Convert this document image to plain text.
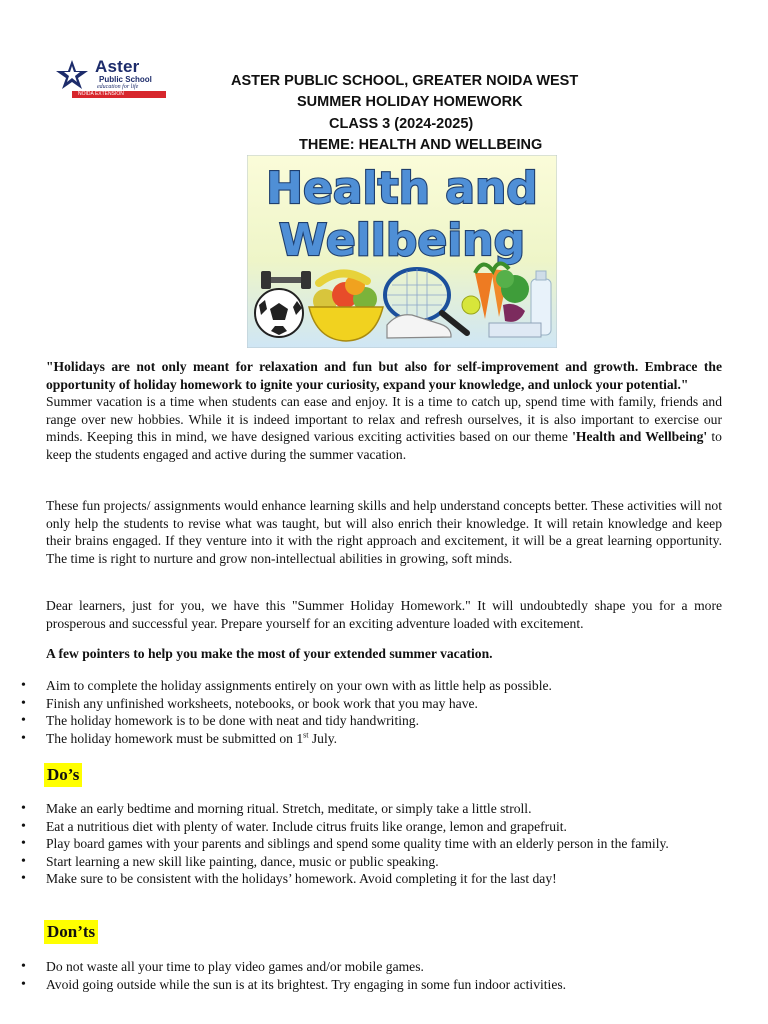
Aster
Public School
education for life
NOIDA EXTENSION
ASTER PUBLIC SCHOOL, GREATER NOIDA WEST
SUMMER HOLIDAY HOMEWORK
CLASS 3 (2024-2025)
THEME: HEALTH AND WELLBEING
Health and
Wellbeing

"Holidays are not only meant for relaxation and fun but also for self-improvement and growth. Embrace the opportunity of holiday homework to ignite your curiosity, expand your knowledge, and unlock your potential."

Summer vacation is a time when students can ease and enjoy. It is a time to catch up, spend time with family, friends and range over new hobbies. While it is indeed important to relax and refresh ourselves, it is also important to exercise our minds. Keeping this in mind, we have designed various exciting activities based on our theme 'Health and Wellbeing' to keep the students engaged and active during the summer vacation.

These fun projects/ assignments would enhance learning skills and help understand concepts better. These activities will not only help the students to revise what was taught, but will also enrich their knowledge. It will retain knowledge and keep their brains engaged. If they venture into it with the right approach and excitement, it will be a great learning opportunity. The time is right to nurture and grow non-intellectual abilities in growing, soft minds.
Dear learners, just for you, we have this "Summer Holiday Homework." It will undoubtedly shape you for a more prosperous and successful year. Prepare yourself for an exciting adventure loaded with excitement.
A few pointers to help you make the most of your extended summer vacation.
• Aim to complete the holiday assignments entirely on your own with as little help as possible.
• Finish any unfinished worksheets, notebooks, or book work that you may have.
• The holiday homework is to be done with neat and tidy handwriting.
• The holiday homework must be submitted on 1st July.
Do’s
• Make an early bedtime and morning ritual. Stretch, meditate, or simply take a little stroll.
• Eat a nutritious diet with plenty of water. Include citrus fruits like orange, lemon and grapefruit.
• Play board games with your parents and siblings and spend some quality time with an elderly person in the family.
• Start learning a new skill like painting, dance, music or public speaking.
• Make sure to be consistent with the holidays’ homework. Avoid completing it for the last day!
Don’ts
• Do not waste all your time to play video games and/or mobile games.
• Avoid going outside while the sun is at its brightest. Try engaging in some fun indoor activities.
